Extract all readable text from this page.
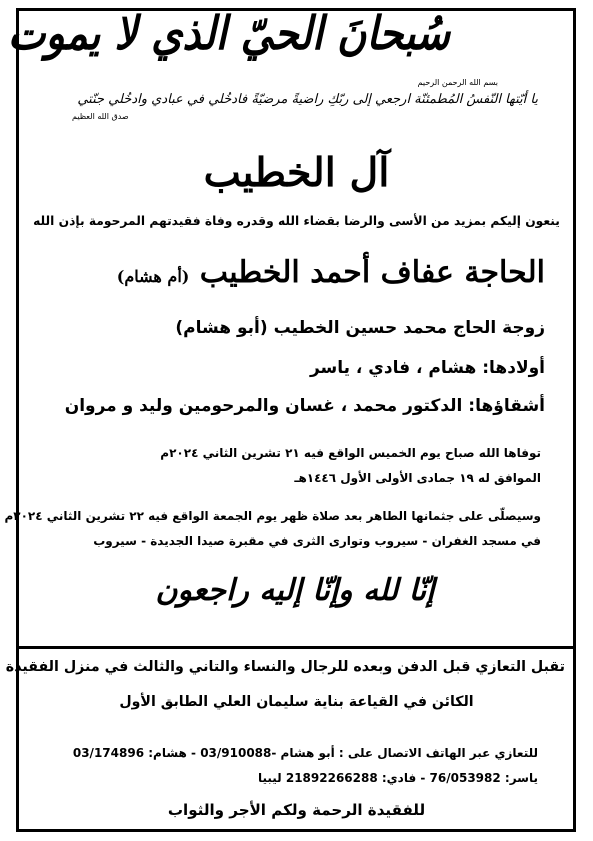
سُبحانَ الحيّ الذي لا يموت
بسم الله الرحمن الرحيم
يا أيّتها النّفسُ المُطمئنّة ارجعي إلى ربّكِ راضيةً مرضيّةً فادخُلي في عبادي وادخُلي جنّتي
صدق الله العظيم
آل الخطيب
ينعون إليكم بمزيد من الأسى والرضا بقضاء الله وقدره وفاة فقيدتهم المرحومة بإذن الله
الحاجة عفاف أحمد الخطيب (أم هشام)
زوجة الحاج محمد حسين الخطيب (أبو هشام)
أولادها: هشام ، فادي ، ياسر
أشقاؤها: الدكتور محمد ، غسان والمرحومين وليد و مروان
توفاها الله صباح يوم الخميس الواقع فيه ٢١ تشرين الثاني ٢٠٢٤م
الموافق له ١٩ جمادى الأولى الأول ١٤٤٦هـ
وسيصلّى على جثمانها الطاهر بعد صلاة ظهر يوم الجمعة الواقع فيه ٢٢ تشرين الثاني ٢٠٢٤م
في مسجد الغفران - سيروب وتوارى الثرى في مقبرة صيدا الجديدة - سيروب
إنّا لله وإنّا إليه راجعون
تقبل التعازي قبل الدفن وبعده للرجال والنساء والتاني والثالث في منزل الفقيدة
الكائن في القياعة بناية سليمان العلي الطابق الأول
للتعازي عبر الهاتف الاتصال على : أبو هشام -03/910088 - هشام: 03/174896
ياسر: 76/053982 - فادي: 21892266288 ليبيا
للفقيدة الرحمة ولكم الأجر والثواب
